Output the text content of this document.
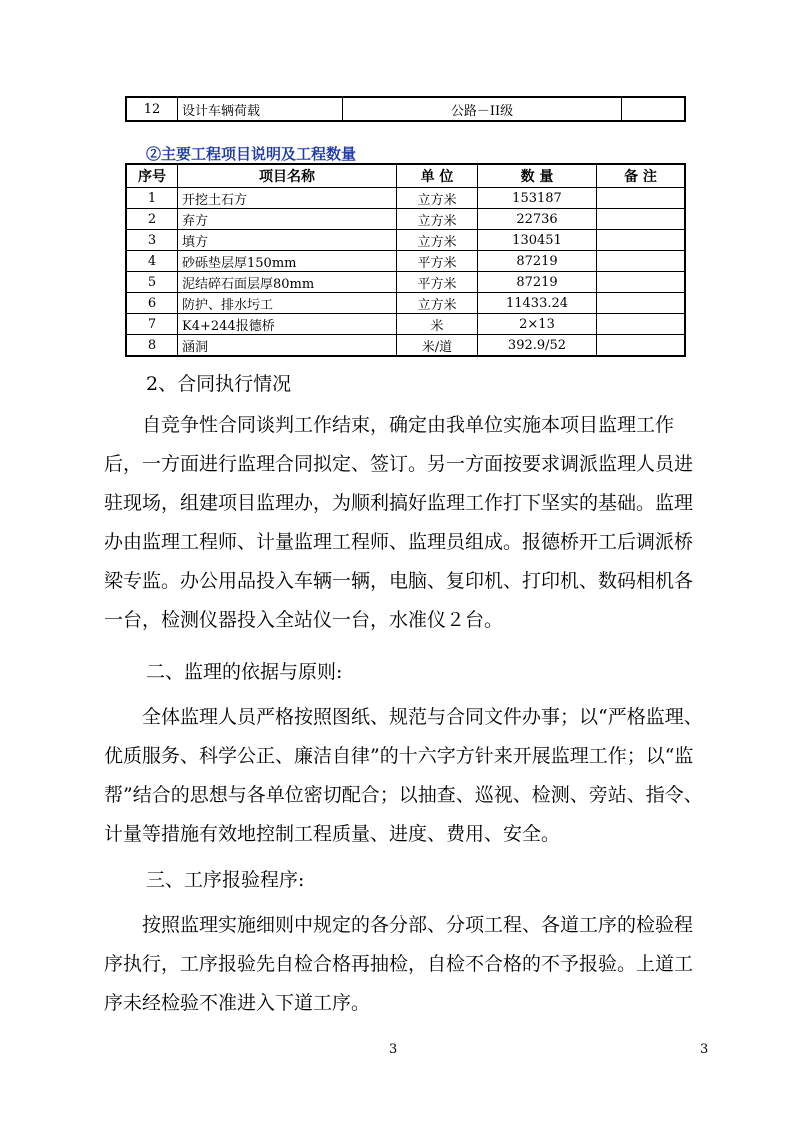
12	设计车辆荷载	公路－II级	
②主要工程项目说明及工程数量
序号	项目名称	单 位	数 量	备 注
1	开挖土石方	立方米	153187	
2	弃方	立方米	22736	
3	填方	立方米	130451	
4	砂砾垫层厚150mm	平方米	87219	
5	泥结碎石面层厚80mm	平方米	87219	
6	防护、排水圬工	立方米	11433.24	
7	K4+244报德桥	米	2×13	
8	涵洞	米/道	392.9/52	

2、合同执行情况

自竞争性合同谈判工作结束，确定由我单位实施本项目监理工作后，一方面进行监理合同拟定、签订。另一方面按要求调派监理人员进驻现场，组建项目监理办，为顺利搞好监理工作打下坚实的基础。监理办由监理工程师、计量监理工程师、监理员组成。报德桥开工后调派桥梁专监。办公用品投入车辆一辆，电脑、复印机、打印机、数码相机各一台，检测仪器投入全站仪一台，水准仪２台。

二、监理的依据与原则:

全体监理人员严格按照图纸、规范与合同文件办事；以“严格监理、优质服务、科学公正、廉洁自律”的十六字方针来开展监理工作；以“监帮”结合的思想与各单位密切配合；以抽查、巡视、检测、旁站、指令、计量等措施有效地控制工程质量、进度、费用、安全。

三、工序报验程序:

按照监理实施细则中规定的各分部、分项工程、各道工序的检验程序执行，工序报验先自检合格再抽检，自检不合格的不予报验。上道工序未经检验不准进入下道工序。

3	3
